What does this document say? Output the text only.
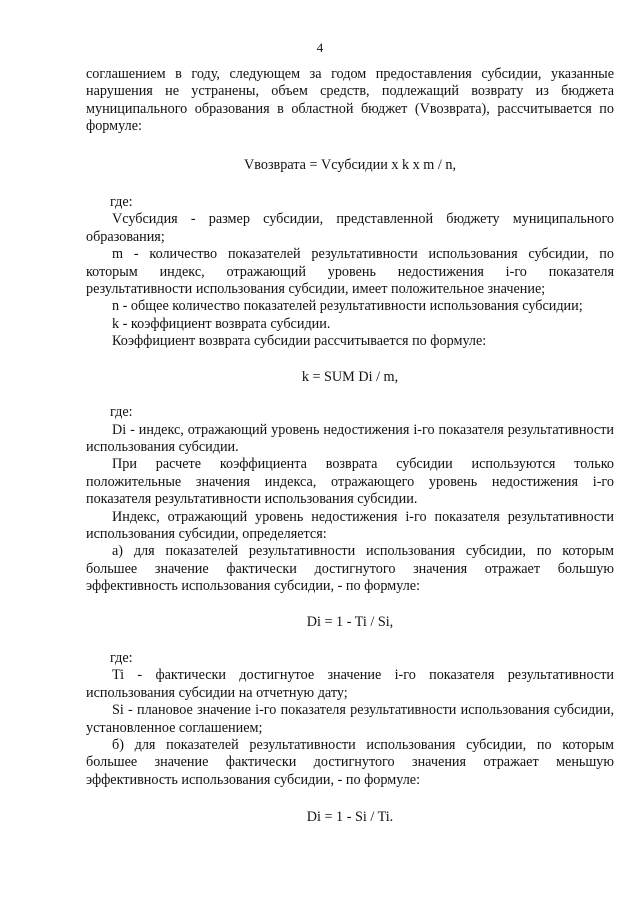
4

соглашением в году, следующем за годом предоставления субсидии, указанные нарушения не устранены, объем средств, подлежащий возврату из бюджета муниципального образования в областной бюджет (Vвозврата), рассчитывается по формуле:

Vвозврата = Vсубсидии x k x m / n,

где:

Vсубсидия - размер субсидии, представленной бюджету муниципального образования;

m - количество показателей результативности использования субсидии, по которым индекс, отражающий уровень недостижения i-го показателя результативности использования субсидии, имеет положительное значение;

n - общее количество показателей результативности использования субсидии;

k - коэффициент возврата субсидии.

Коэффициент возврата субсидии рассчитывается по формуле:

k = SUM Di / m,

где:

Di - индекс, отражающий уровень недостижения i-го показателя результативности использования субсидии.

При расчете коэффициента возврата субсидии используются только положительные значения индекса, отражающего уровень недостижения i-го показателя результативности использования субсидии.

Индекс, отражающий уровень недостижения i-го показателя результативности использования субсидии, определяется:

а) для показателей результативности использования субсидии, по которым большее значение фактически достигнутого значения отражает большую эффективность использования субсидии, - по формуле:

Di = 1 - Ti / Si,

где:

Ti - фактически достигнутое значение i-го показателя результативности использования субсидии на отчетную дату;

Si - плановое значение i-го показателя результативности использования субсидии, установленное соглашением;

б) для показателей результативности использования субсидии, по которым большее значение фактически достигнутого значения отражает меньшую эффективность использования субсидии, - по формуле:

Di = 1 - Si / Ti.
